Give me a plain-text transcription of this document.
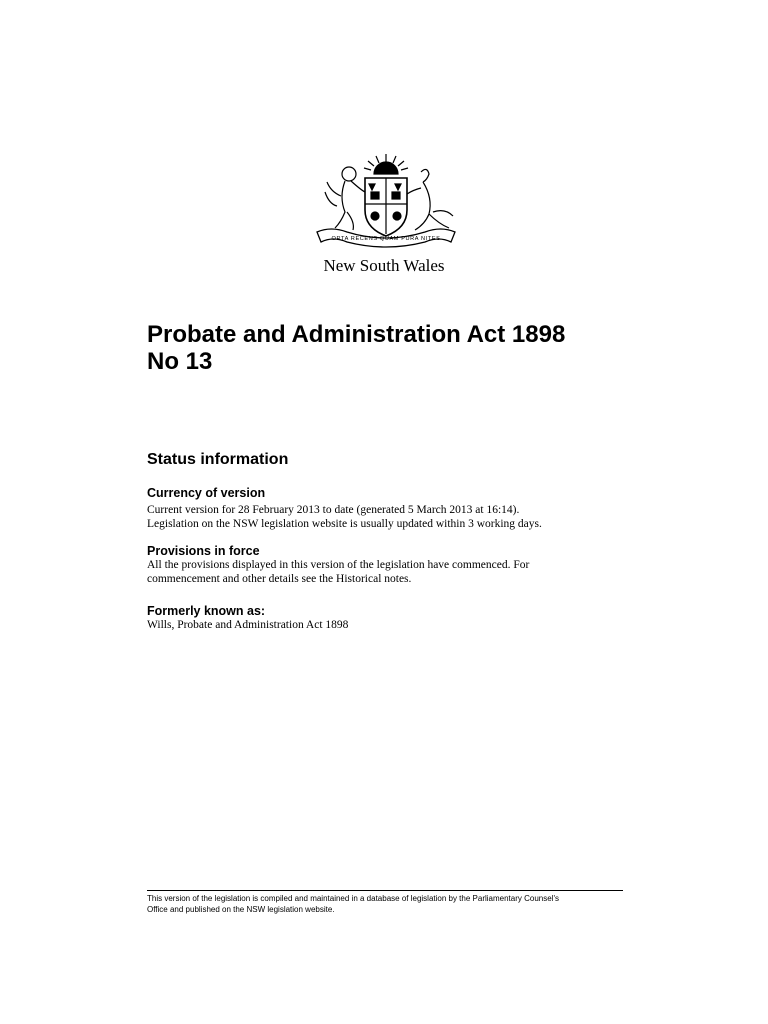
ORTA RECENS QUAM PURA NITES
New South Wales
Probate and Administration Act 1898
No 13
Status information
Currency of version

Current version for 28 February 2013 to date (generated 5 March 2013 at 16:14).

Legislation on the NSW legislation website is usually updated within 3 working days.

Provisions in force

All the provisions displayed in this version of the legislation have commenced. For

commencement and other details see the Historical notes.

Formerly known as:

Wills, Probate and Administration Act 1898

This version of the legislation is compiled and maintained in a database of legislation by the Parliamentary Counsel's
Office and published on the NSW legislation website.
